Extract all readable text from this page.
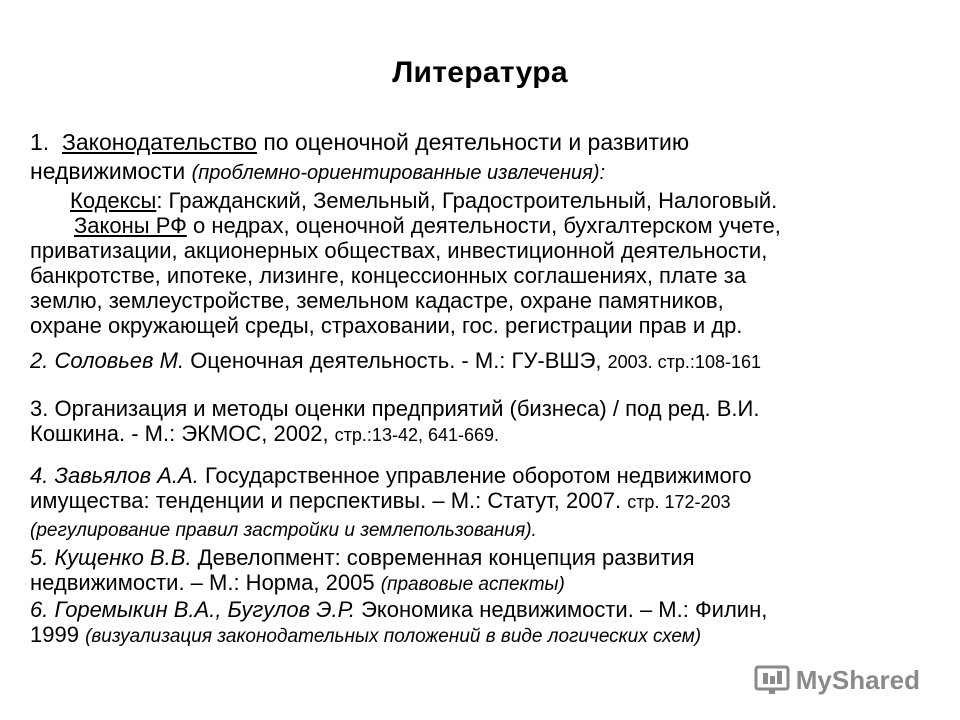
Литература
1. Законодательство по оценочной деятельности и развитию
недвижимости (проблемно-ориентированные извлечения):
Кодексы: Гражданский, Земельный, Градостроительный, Налоговый.
Законы РФ о недрах, оценочной деятельности, бухгалтерском учете,
приватизации, акционерных обществах, инвестиционной деятельности,
банкротстве, ипотеке, лизинге, концессионных соглашениях, плате за
землю, землеустройстве, земельном кадастре, охране памятников,
охране окружающей среды, страховании, гос. регистрации прав и др.
2. Соловьев М. Оценочная деятельность. - М.: ГУ-ВШЭ, 2003. стр.:108-161
3. Организация и методы оценки предприятий (бизнеса) / под ред. В.И.
Кошкина. - М.: ЭКМОС, 2002, стр.:13-42, 641-669.
4. Завьялов А.А. Государственное управление оборотом недвижимого
имущества: тенденции и перспективы. – М.: Статут, 2007. стр. 172-203
(регулирование правил застройки и землепользования).
5. Кущенко В.В. Девелопмент: современная концепция развития
недвижимости. – М.: Норма, 2005 (правовые аспекты)
6. Горемыкин В.А., Бугулов Э.Р. Экономика недвижимости. – М.: Филин,
1999 (визуализация законодательных положений в виде логических схем)
MyShared
